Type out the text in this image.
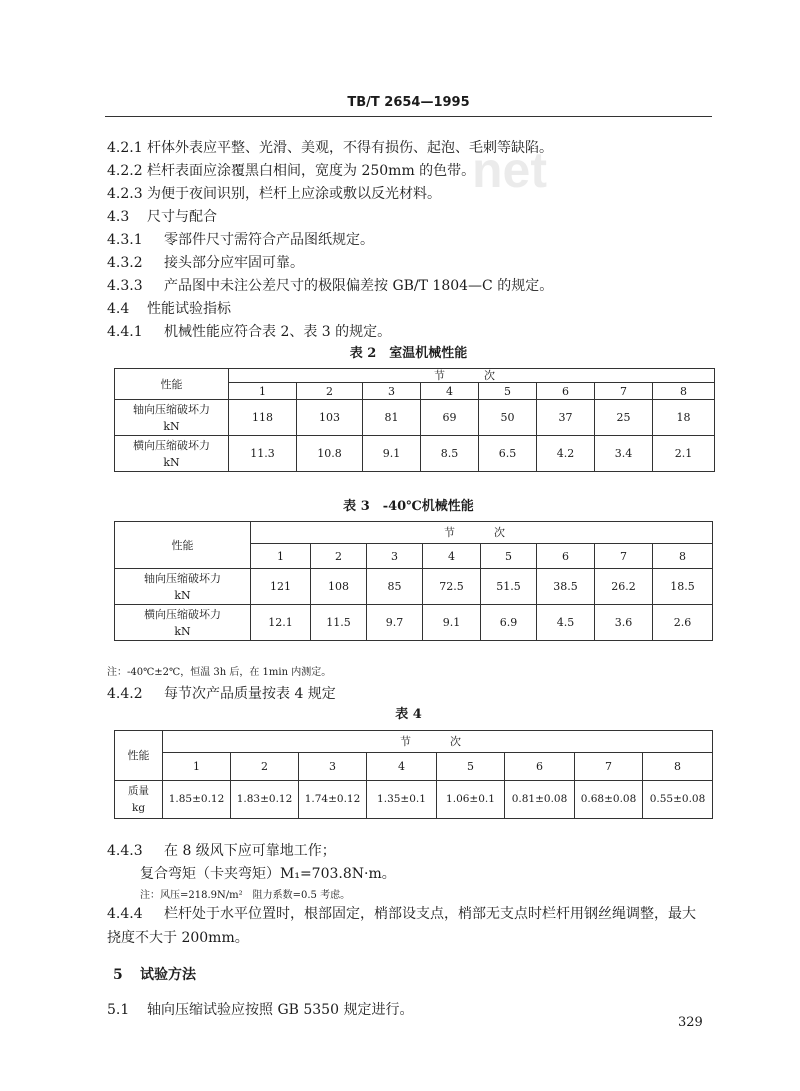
net
TB/T 2654—1995
4.2.1 杆体外表应平整、光滑、美观，不得有损伤、起泡、毛刺等缺陷。
4.2.2 栏杆表面应涂覆黑白相间，宽度为 250mm 的色带。
4.2.3 为便于夜间识别，栏杆上应涂或敷以反光材料。
4.3 尺寸与配合
4.3.1 零部件尺寸需符合产品图纸规定。
4.3.2 接头部分应牢固可靠。
4.3.3 产品图中未注公差尺寸的极限偏差按 GB/T 1804—C 的规定。
4.4 性能试验指标
4.4.1 机械性能应符合表 2、表 3 的规定。
表 2　室温机械性能
性能	节　次							
	1	2	3	4	5	6	7	8

轴向压缩破坏力
kN	118	103	81	69	50	37	25	18

横向压缩破坏力
kN	11.3	10.8	9.1	8.5	6.5	4.2	3.4	2.1
表 3　-40℃机械性能
性能	节　次							
	1	2	3	4	5	6	7	8

轴向压缩破坏力
kN	121	108	85	72.5	51.5	38.5	26.2	18.5

横向压缩破坏力
kN	12.1	11.5	9.7	9.1	6.9	4.5	3.6	2.6
注：-40℃±2℃，恒温 3h 后，在 1min 内测定。
4.4.2 每节次产品质量按表 4 规定
表 4
性能	节　次							
	1	2	3	4	5	6	7	8

质量
kg	1.85±0.12	1.83±0.12	1.74±0.12	1.35±0.1	1.06±0.1	0.81±0.08	0.68±0.08	0.55±0.08
4.4.3 在 8 级风下应可靠地工作；
复合弯矩（卡夹弯矩）M₁=703.8N·m。
注：风压=218.9N/m²　阻力系数=0.5 考虑。
4.4.4 栏杆处于水平位置时，根部固定，梢部设支点，梢部无支点时栏杆用钢丝绳调整，最大
挠度不大于 200mm。
5 试验方法
5.1 轴向压缩试验应按照 GB 5350 规定进行。
329
